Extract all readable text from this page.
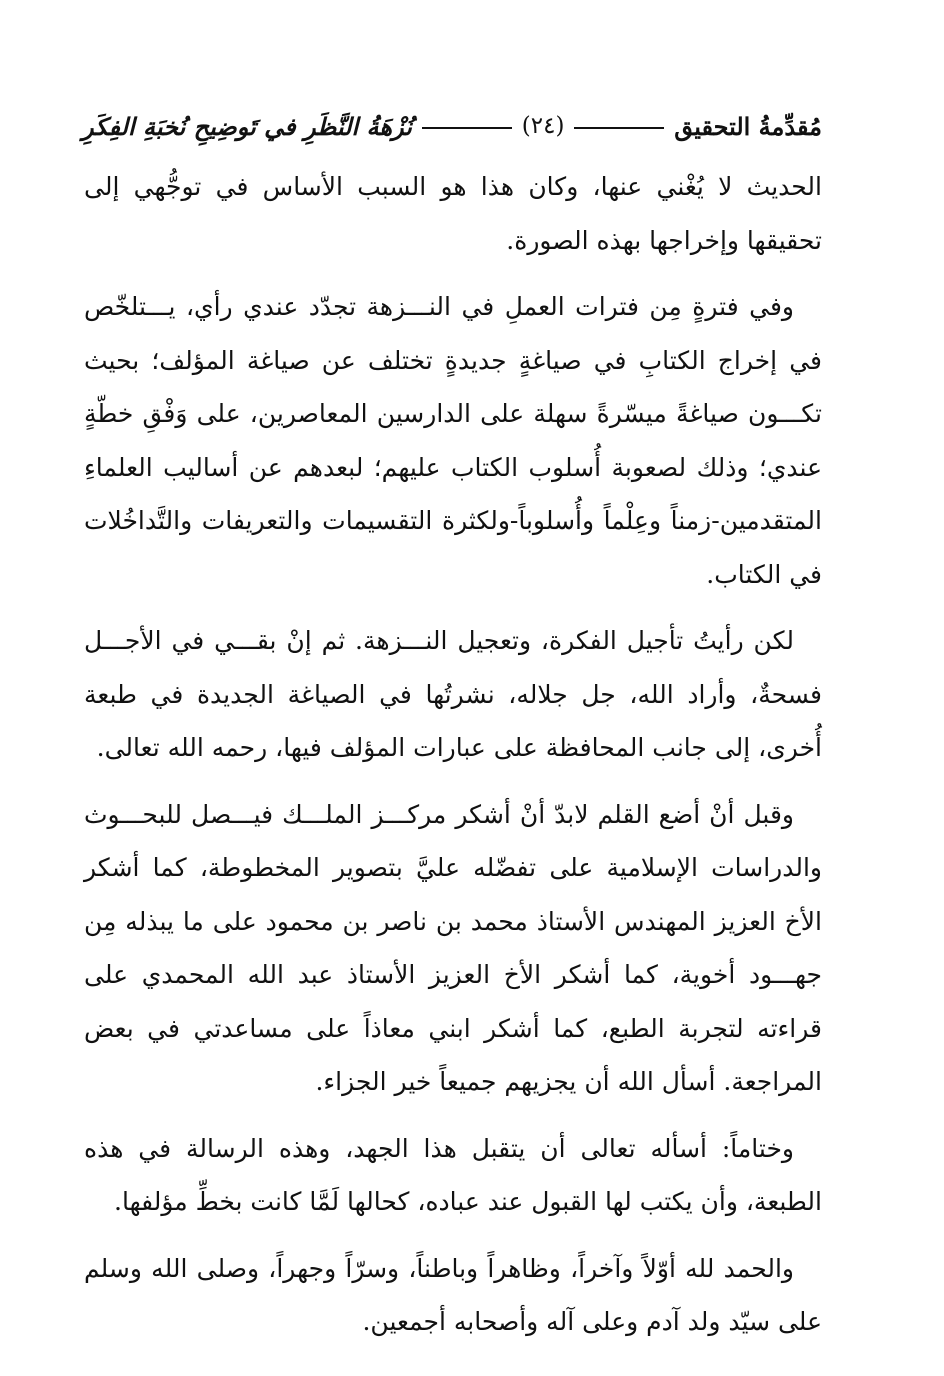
مُقدِّمةُ التحقيق
(٢٤)
نُزْهَةُ النَّظَرِ في تَوضِيحِ نُخبَةِ الفِكَرِ

الحديث لا يُغْني عنها، وكان هذا هو السبب الأساس في توجُّهي إلى تحقيقها وإخراجها بهذه الصورة.

وفي فترةٍ مِن فترات العملِ في النـــزهة تجدّد عندي رأي، يـــتلخّص في إخراج الكتابِ في صياغةٍ جديدةٍ تختلف عن صياغة المؤلف؛ بحيث تكـــون صياغةً ميسّرةً سهلة على الدارسين المعاصرين، على وَفْقِ خطّةٍ عندي؛ وذلك لصعوبة أُسلوب الكتاب عليهم؛ لبعدهم عن أساليب العلماءِ المتقدمين-زمناً وعِلْماً وأُسلوباً-ولكثرة التقسيمات والتعريفات والتَّداخُلات في الكتاب.

لكن رأيتُ تأجيل الفكرة، وتعجيل النـــزهة. ثم إنْ بقـــي في الأجـــل فسحةٌ، وأراد الله، جل جلاله، نشرتُها في الصياغة الجديدة في طبعة أُخرى، إلى جانب المحافظة على عبارات المؤلف فيها، رحمه الله تعالى.

وقبل أنْ أضع القلم لابدّ أنْ أشكر مركـــز الملـــك فيـــصل للبحـــوث والدراسات الإسلامية على تفضّله عليَّ بتصوير المخطوطة، كما أشكر الأخ العزيز المهندس الأستاذ محمد بن ناصر بن محمود على ما يبذله مِن جهـــود أخوية، كما أشكر الأخ العزيز الأستاذ عبد الله المحمدي على قراءته لتجربة الطبع، كما أشكر ابني معاذاً على مساعدتي في بعض المراجعة. أسأل الله أن يجزيهم جميعاً خير الجزاء.

وختاماً: أسأله تعالى أن يتقبل هذا الجهد، وهذه الرسالة في هذه الطبعة، وأن يكتب لها القبول عند عباده، كحالها لَمَّا كانت بخطِّ مؤلفها.

والحمد لله أوّلاً وآخراً، وظاهراً وباطناً، وسرّاً وجهراً، وصلى الله وسلم على سيّد ولد آدم وعلى آله وأصحابه أجمعين.
